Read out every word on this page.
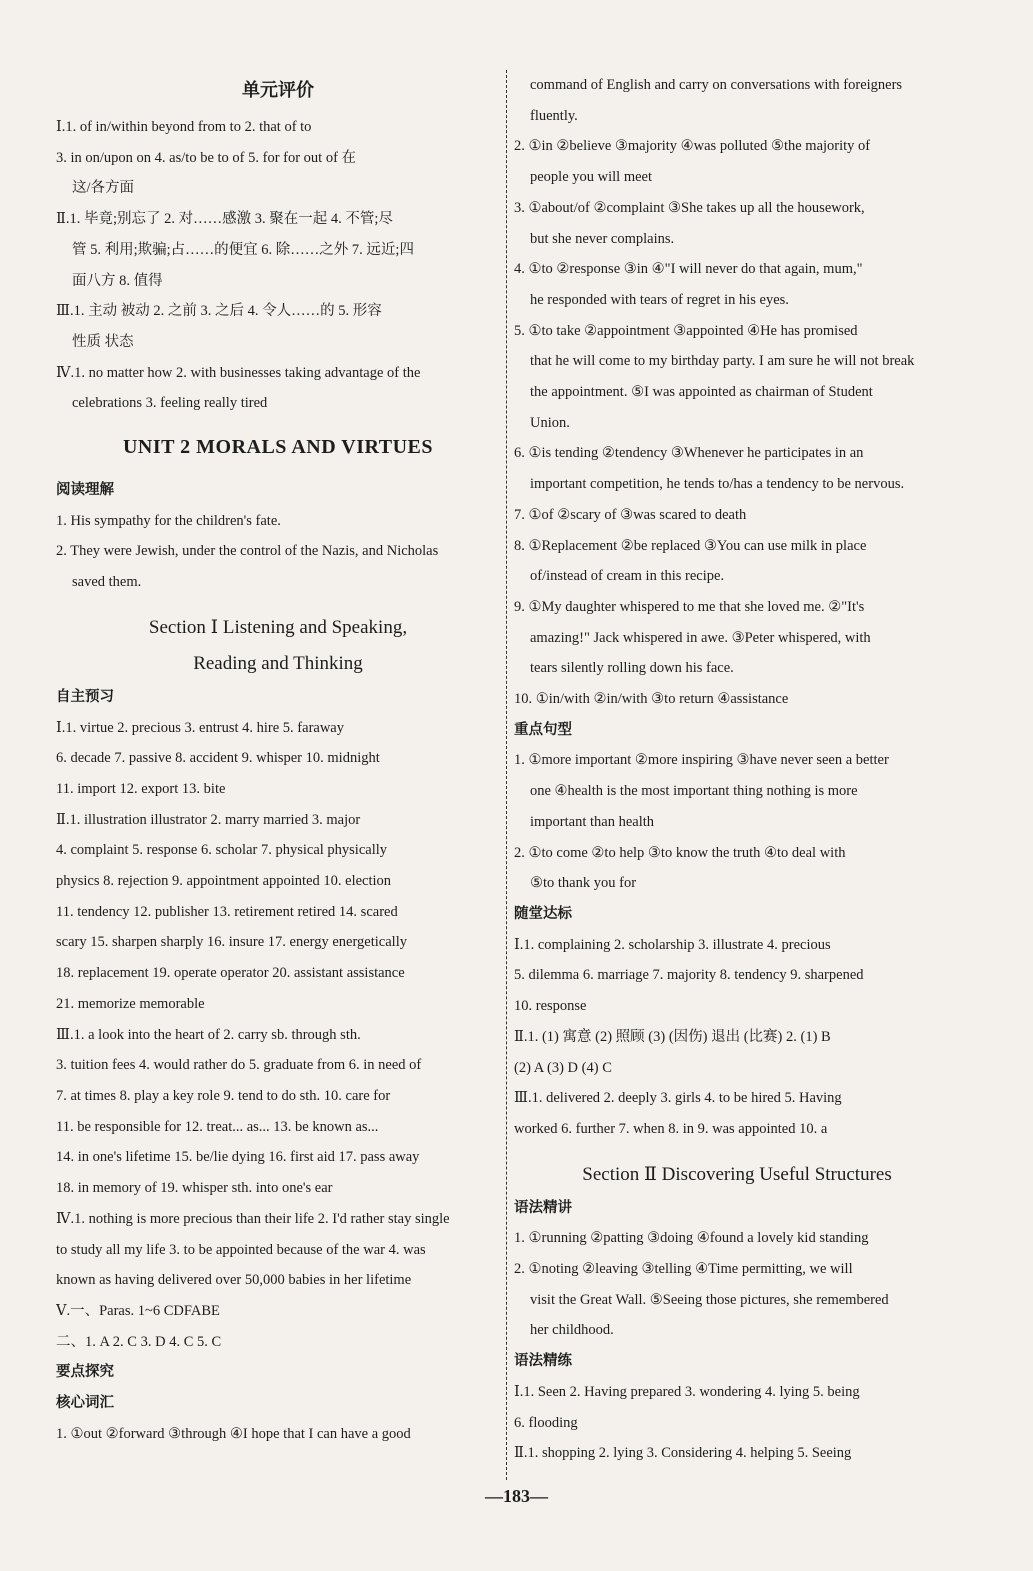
单元评价
Ⅰ.1. of in/within beyond from to 2. that of to
3. in on/upon on 4. as/to be to of 5. for for out of 在
这/各方面
Ⅱ.1. 毕竟;别忘了 2. 对……感激 3. 聚在一起 4. 不管;尽
管 5. 利用;欺骗;占……的便宜 6. 除……之外 7. 远近;四
面八方 8. 值得
Ⅲ.1. 主动 被动 2. 之前 3. 之后 4. 令人……的 5. 形容
性质 状态
Ⅳ.1. no matter how 2. with businesses taking advantage of the
celebrations 3. feeling really tired
UNIT 2 MORALS AND VIRTUES
阅读理解
1. His sympathy for the children's fate.
2. They were Jewish, under the control of the Nazis, and Nicholas
saved them.
Section Ⅰ Listening and Speaking,
Reading and Thinking
自主预习
Ⅰ.1. virtue 2. precious 3. entrust 4. hire 5. faraway
6. decade 7. passive 8. accident 9. whisper 10. midnight
11. import 12. export 13. bite
Ⅱ.1. illustration illustrator 2. marry married 3. major
4. complaint 5. response 6. scholar 7. physical physically
physics 8. rejection 9. appointment appointed 10. election
11. tendency 12. publisher 13. retirement retired 14. scared
scary 15. sharpen sharply 16. insure 17. energy energetically
18. replacement 19. operate operator 20. assistant assistance
21. memorize memorable
Ⅲ.1. a look into the heart of 2. carry sb. through sth.
3. tuition fees 4. would rather do 5. graduate from 6. in need of
7. at times 8. play a key role 9. tend to do sth. 10. care for
11. be responsible for 12. treat... as... 13. be known as...
14. in one's lifetime 15. be/lie dying 16. first aid 17. pass away
18. in memory of 19. whisper sth. into one's ear
Ⅳ.1. nothing is more precious than their life 2. I'd rather stay single
to study all my life 3. to be appointed because of the war 4. was
known as having delivered over 50,000 babies in her lifetime
Ⅴ.一、Paras. 1~6 CDFABE
二、1. A 2. C 3. D 4. C 5. C
要点探究
核心词汇
1. ①out ②forward ③through ④I hope that I can have a good
command of English and carry on conversations with foreigners
fluently.
2. ①in ②believe ③majority ④was polluted ⑤the majority of
people you will meet
3. ①about/of ②complaint ③She takes up all the housework,
but she never complains.
4. ①to ②response ③in ④"I will never do that again, mum,"
he responded with tears of regret in his eyes.
5. ①to take ②appointment ③appointed ④He has promised
that he will come to my birthday party. I am sure he will not break
the appointment. ⑤I was appointed as chairman of Student
Union.
6. ①is tending ②tendency ③Whenever he participates in an
important competition, he tends to/has a tendency to be nervous.
7. ①of ②scary of ③was scared to death
8. ①Replacement ②be replaced ③You can use milk in place
of/instead of cream in this recipe.
9. ①My daughter whispered to me that she loved me. ②"It's
amazing!" Jack whispered in awe. ③Peter whispered, with
tears silently rolling down his face.
10. ①in/with ②in/with ③to return ④assistance
重点句型
1. ①more important ②more inspiring ③have never seen a better
one ④health is the most important thing nothing is more
important than health
2. ①to come ②to help ③to know the truth ④to deal with
⑤to thank you for
随堂达标
Ⅰ.1. complaining 2. scholarship 3. illustrate 4. precious
5. dilemma 6. marriage 7. majority 8. tendency 9. sharpened
10. response
Ⅱ.1. (1) 寓意 (2) 照顾 (3) (因伤) 退出 (比赛) 2. (1) B
(2) A (3) D (4) C
Ⅲ.1. delivered 2. deeply 3. girls 4. to be hired 5. Having
worked 6. further 7. when 8. in 9. was appointed 10. a
Section Ⅱ Discovering Useful Structures
语法精讲
1. ①running ②patting ③doing ④found a lovely kid standing
2. ①noting ②leaving ③telling ④Time permitting, we will
visit the Great Wall. ⑤Seeing those pictures, she remembered
her childhood.
语法精练
Ⅰ.1. Seen 2. Having prepared 3. wondering 4. lying 5. being
6. flooding
Ⅱ.1. shopping 2. lying 3. Considering 4. helping 5. Seeing
—183—
